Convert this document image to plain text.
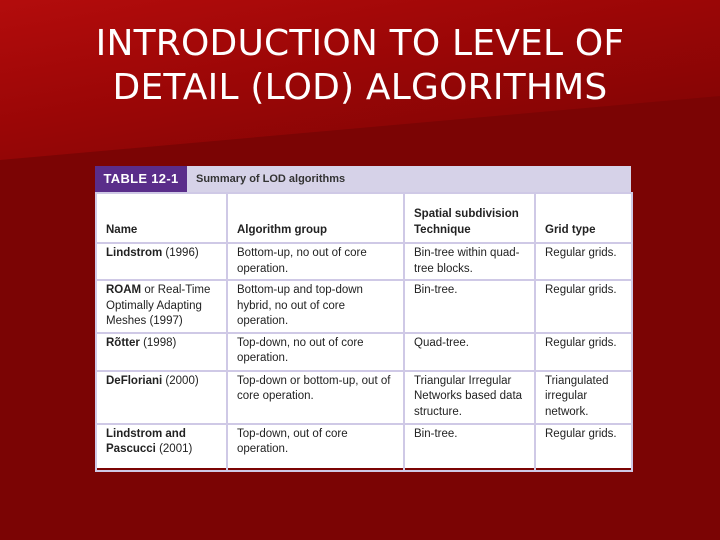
INTRODUCTION TO LEVEL OF
DETAIL (LOD) ALGORITHMS
TABLE 12-1	Summary of LOD algorithms
Name	Algorithm group	Spatial subdivision Technique	Grid type
Lindstrom (1996)	Bottom-up, no out of core operation.	Bin-tree within quad-tree blocks.	Regular grids.
ROAM or Real-Time Optimally Adapting Meshes (1997)	Bottom-up and top-down hybrid, no out of core operation.	Bin-tree.	Regular grids.
Rõtter (1998)	Top-down, no out of core operation.	Quad-tree.	Regular grids.
DeFloriani (2000)	Top-down or bottom-up, out of core operation.	Triangular Irregular Networks based data structure.	Triangulated irregular network.
Lindstrom and Pascucci (2001)	Top-down, out of core operation.	Bin-tree.	Regular grids.
